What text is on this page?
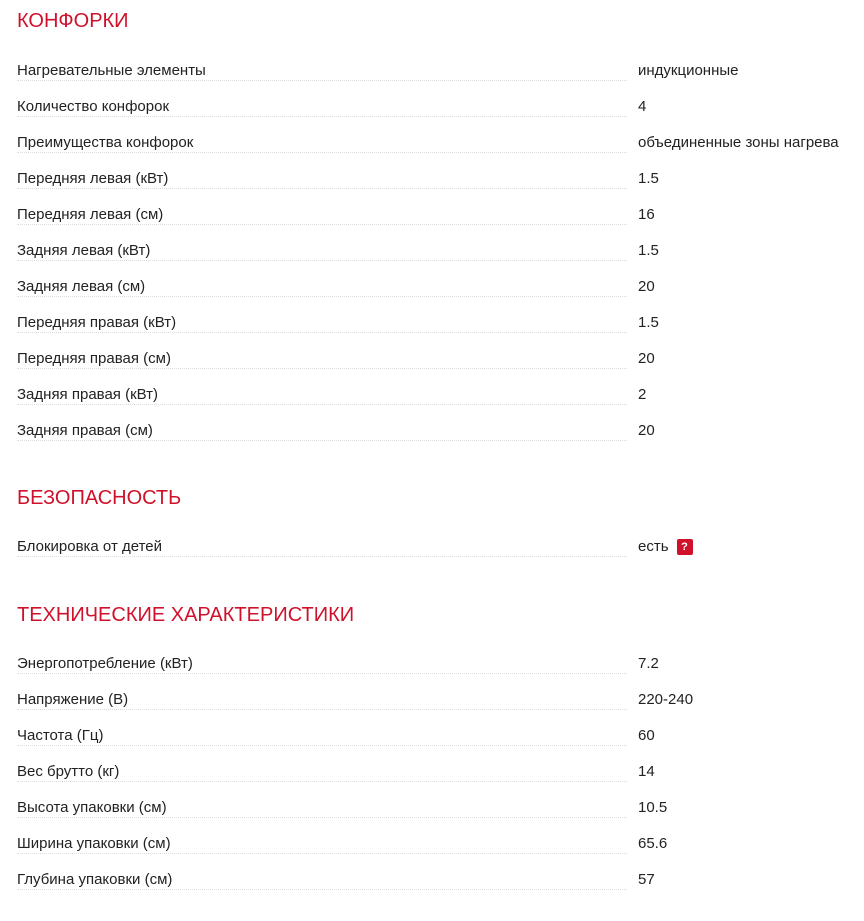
КОНФОРКИ
Нагревательные элементы	индукционные
Количество конфорок	4
Преимущества конфорок	объединенные зоны нагрева
Передняя левая (кВт)	1.5
Передняя левая (см)	16
Задняя левая (кВт)	1.5
Задняя левая (см)	20
Передняя правая (кВт)	1.5
Передняя правая (см)	20
Задняя правая (кВт)	2
Задняя правая (см)	20
БЕЗОПАСНОСТЬ
Блокировка от детей	есть ?
ТЕХНИЧЕСКИЕ ХАРАКТЕРИСТИКИ
Энергопотребление (кВт)	7.2
Напряжение (В)	220-240
Частота (Гц)	60
Вес брутто (кг)	14
Высота упаковки (см)	10.5
Ширина упаковки (см)	65.6
Глубина упаковки (см)	57
